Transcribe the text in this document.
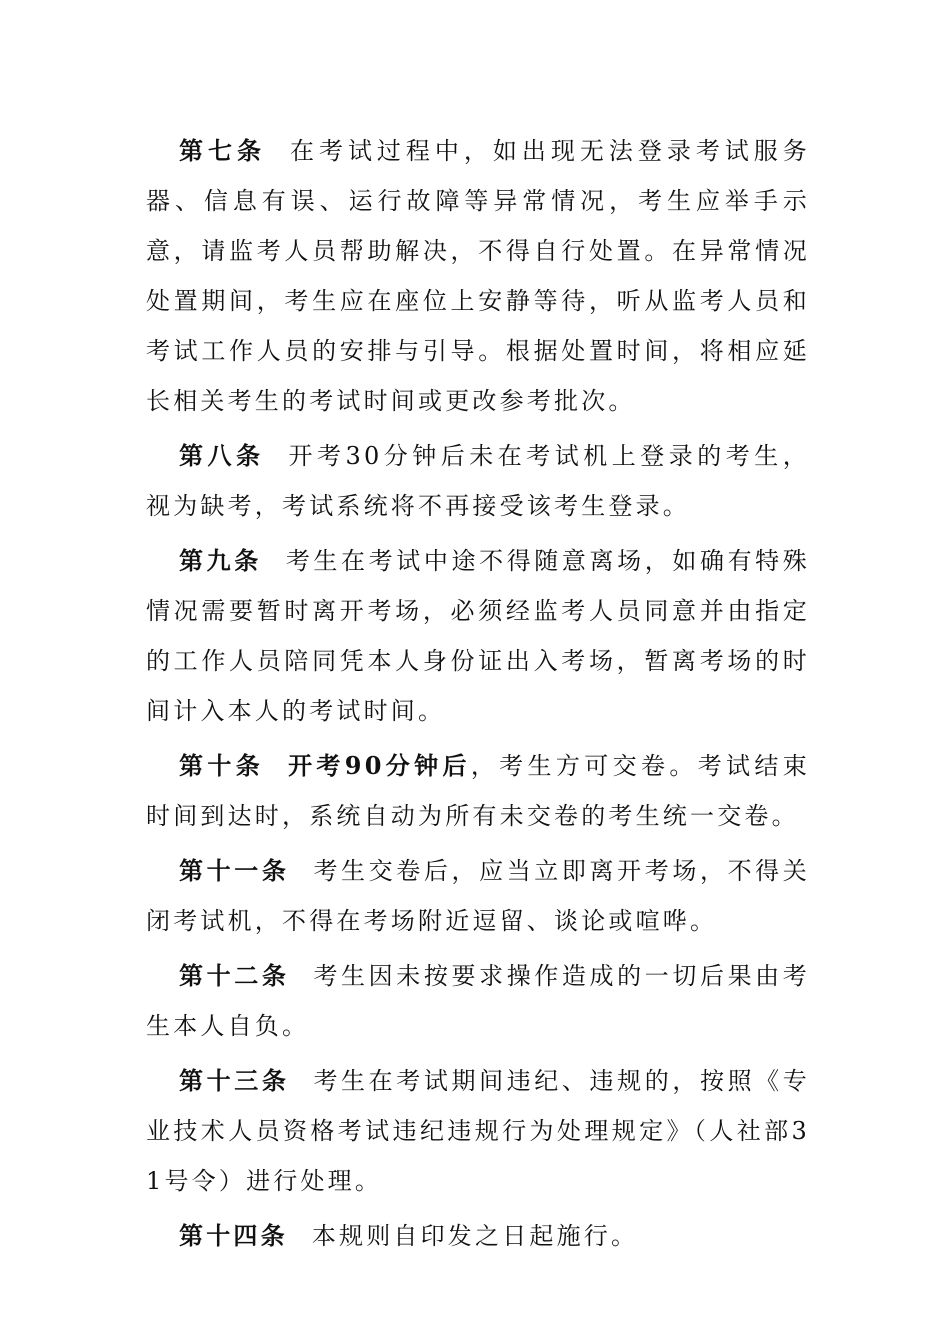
第七条 在考试过程中，如出现无法登录考试服务器、信息有误、运行故障等异常情况，考生应举手示意，请监考人员帮助解决，不得自行处置。在异常情况处置期间，考生应在座位上安静等待，听从监考人员和考试工作人员的安排与引导。根据处置时间，将相应延长相关考生的考试时间或更改参考批次。

第八条 开考30分钟后未在考试机上登录的考生，视为缺考，考试系统将不再接受该考生登录。

第九条 考生在考试中途不得随意离场，如确有特殊情况需要暂时离开考场，必须经监考人员同意并由指定的工作人员陪同凭本人身份证出入考场，暂离考场的时间计入本人的考试时间。

第十条 开考90分钟后，考生方可交卷。考试结束时间到达时，系统自动为所有未交卷的考生统一交卷。

第十一条 考生交卷后，应当立即离开考场，不得关闭考试机，不得在考场附近逗留、谈论或喧哗。

第十二条 考生因未按要求操作造成的一切后果由考生本人自负。

第十三条 考生在考试期间违纪、违规的，按照《专业技术人员资格考试违纪违规行为处理规定》（人社部31号令）进行处理。

第十四条 本规则自印发之日起施行。
